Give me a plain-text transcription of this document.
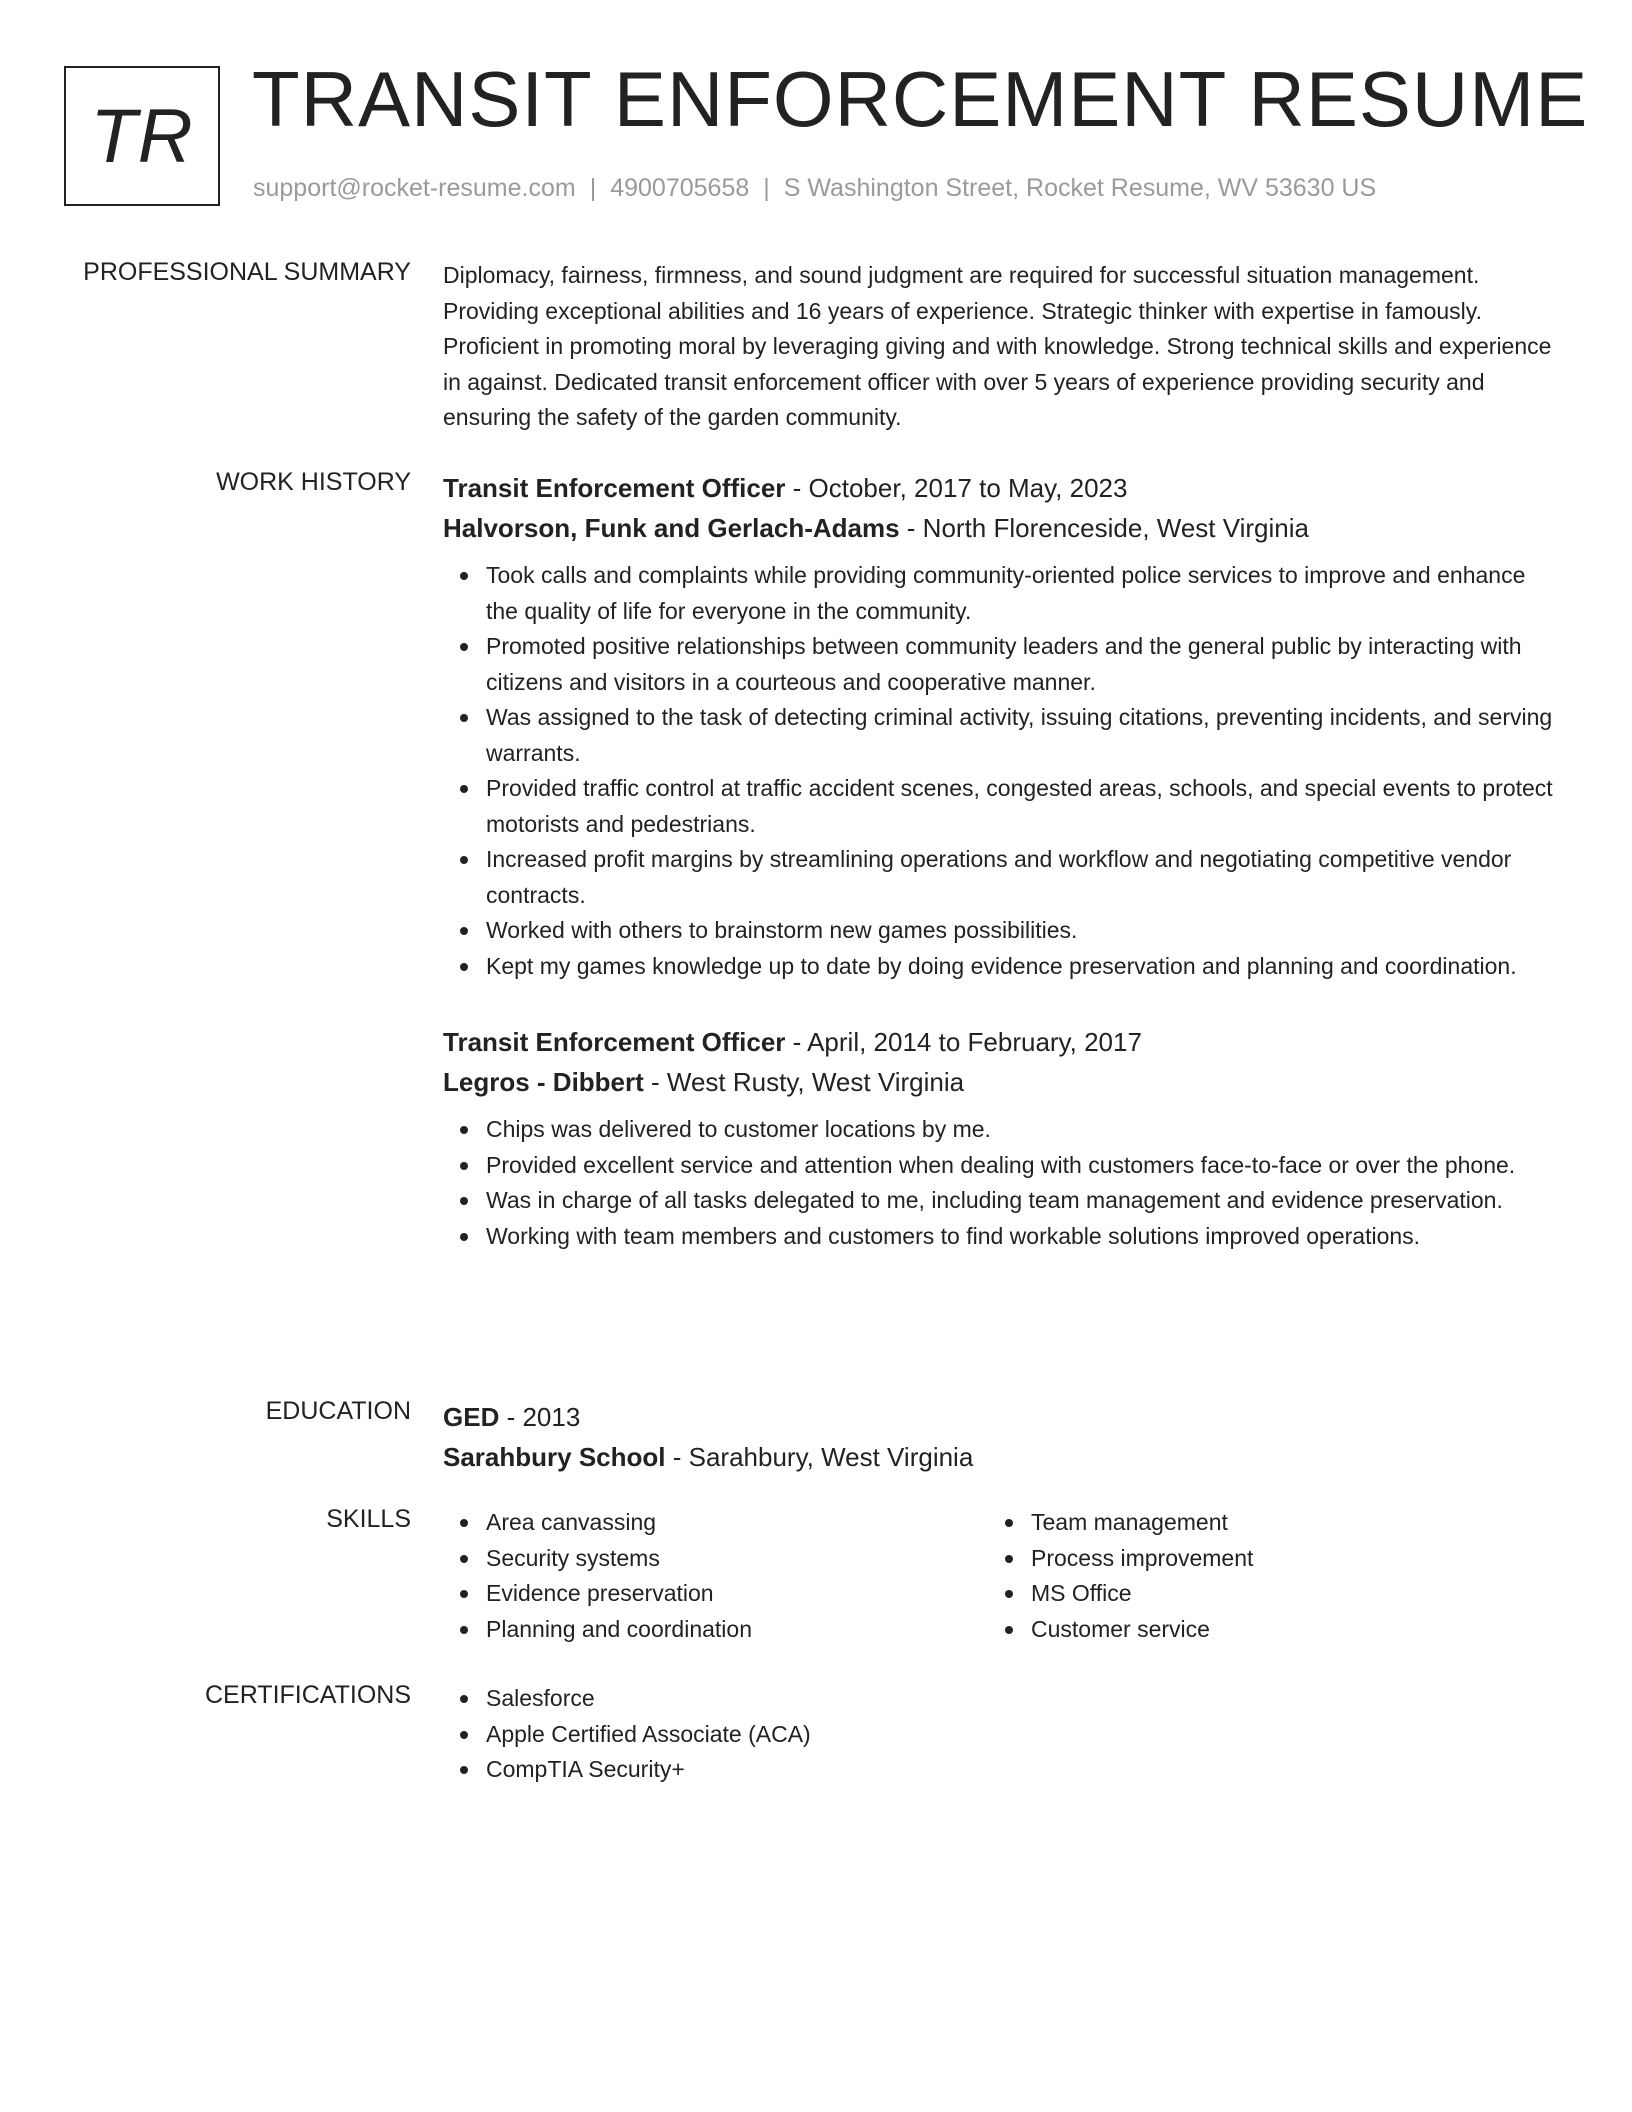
TR TRANSIT ENFORCEMENT RESUME
support@rocket-resume.com | 4900705658 | S Washington Street, Rocket Resume, WV 53630 US
PROFESSIONAL SUMMARY Diplomacy, fairness, firmness, and sound judgment are required for successful situation management. Providing exceptional abilities and 16 years of experience. Strategic thinker with expertise in famously. Proficient in promoting moral by leveraging giving and with knowledge. Strong technical skills and experience in against. Dedicated transit enforcement officer with over 5 years of experience providing security and ensuring the safety of the garden community.

WORK HISTORY Transit Enforcement Officer - October, 2017 to May, 2023

Halvorson, Funk and Gerlach-Adams - North Florenceside, West Virginia

Took calls and complaints while providing community-oriented police services to improve and enhance the quality of life for everyone in the community.
Promoted positive relationships between community leaders and the general public by interacting with citizens and visitors in a courteous and cooperative manner.
Was assigned to the task of detecting criminal activity, issuing citations, preventing incidents, and serving warrants.
Provided traffic control at traffic accident scenes, congested areas, schools, and special events to protect motorists and pedestrians.
Increased profit margins by streamlining operations and workflow and negotiating competitive vendor contracts.
Worked with others to brainstorm new games possibilities.
Kept my games knowledge up to date by doing evidence preservation and planning and coordination.

Transit Enforcement Officer - April, 2014 to February, 2017

Legros - Dibbert - West Rusty, West Virginia

Chips was delivered to customer locations by me.
Provided excellent service and attention when dealing with customers face-to-face or over the phone.
Was in charge of all tasks delegated to me, including team management and evidence preservation.
Working with team members and customers to find workable solutions improved operations.
EDUCATION GED - 2013

Sarahbury School - Sarahbury, West Virginia

SKILLS	Area canvassing
Security systems
Evidence preservation
Planning and coordination
Team management
Process improvement
MS Office
Customer service
CERTIFICATIONS	Salesforce
Apple Certified Associate (ACA)
CompTIA Security+
